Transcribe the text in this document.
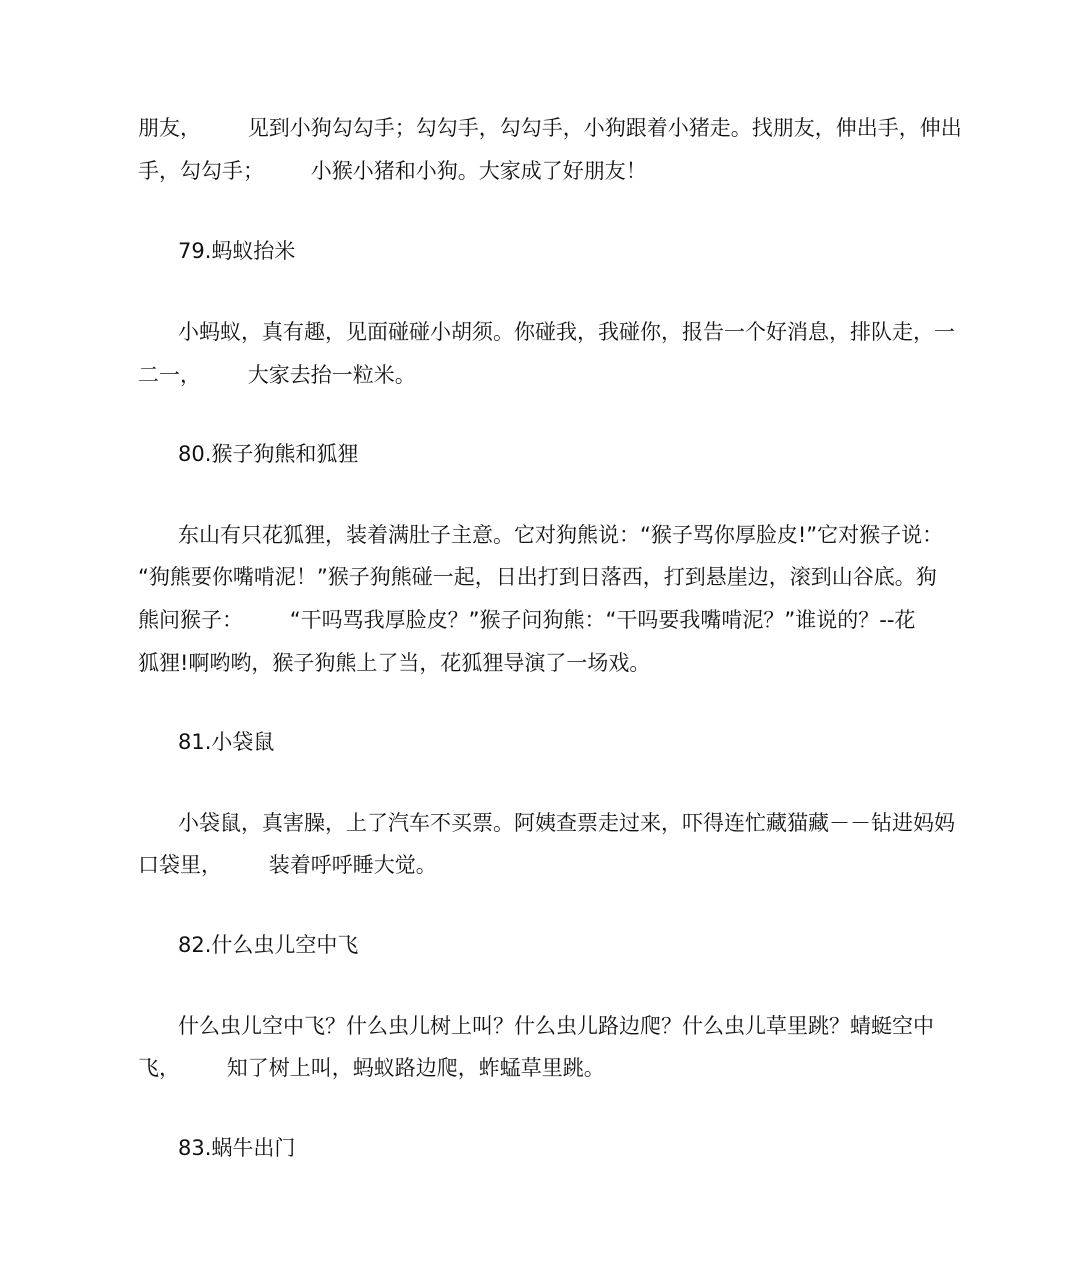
朋友，       见到小狗勾勾手；勾勾手，勾勾手，小狗跟着小猪走。找朋友，伸出手，伸出

手，勾勾手；       小猴小猪和小狗。大家成了好朋友！

79.蚂蚁抬米

小蚂蚁，真有趣，见面碰碰小胡须。你碰我，我碰你，报告一个好消息，排队走，一

二一，       大家去抬一粒米。

80.猴子狗熊和狐狸

东山有只花狐狸，装着满肚子主意。它对狗熊说：“猴子骂你厚脸皮!”它对猴子说：

“狗熊要你嘴啃泥！”猴子狗熊碰一起，日出打到日落西，打到悬崖边，滚到山谷底。狗

熊问猴子：       “干吗骂我厚脸皮？”猴子问狗熊：“干吗要我嘴啃泥？”谁说的？--花

狐狸!啊哟哟，猴子狗熊上了当，花狐狸导演了一场戏。

81.小袋鼠

小袋鼠，真害臊，上了汽车不买票。阿姨查票走过来，吓得连忙藏猫藏－－钻进妈妈

口袋里，       装着呼呼睡大觉。

82.什么虫儿空中飞

什么虫儿空中飞？什么虫儿树上叫？什么虫儿路边爬？什么虫儿草里跳？蜻蜓空中

飞，       知了树上叫，蚂蚁路边爬，蚱蜢草里跳。

83.蜗牛出门
